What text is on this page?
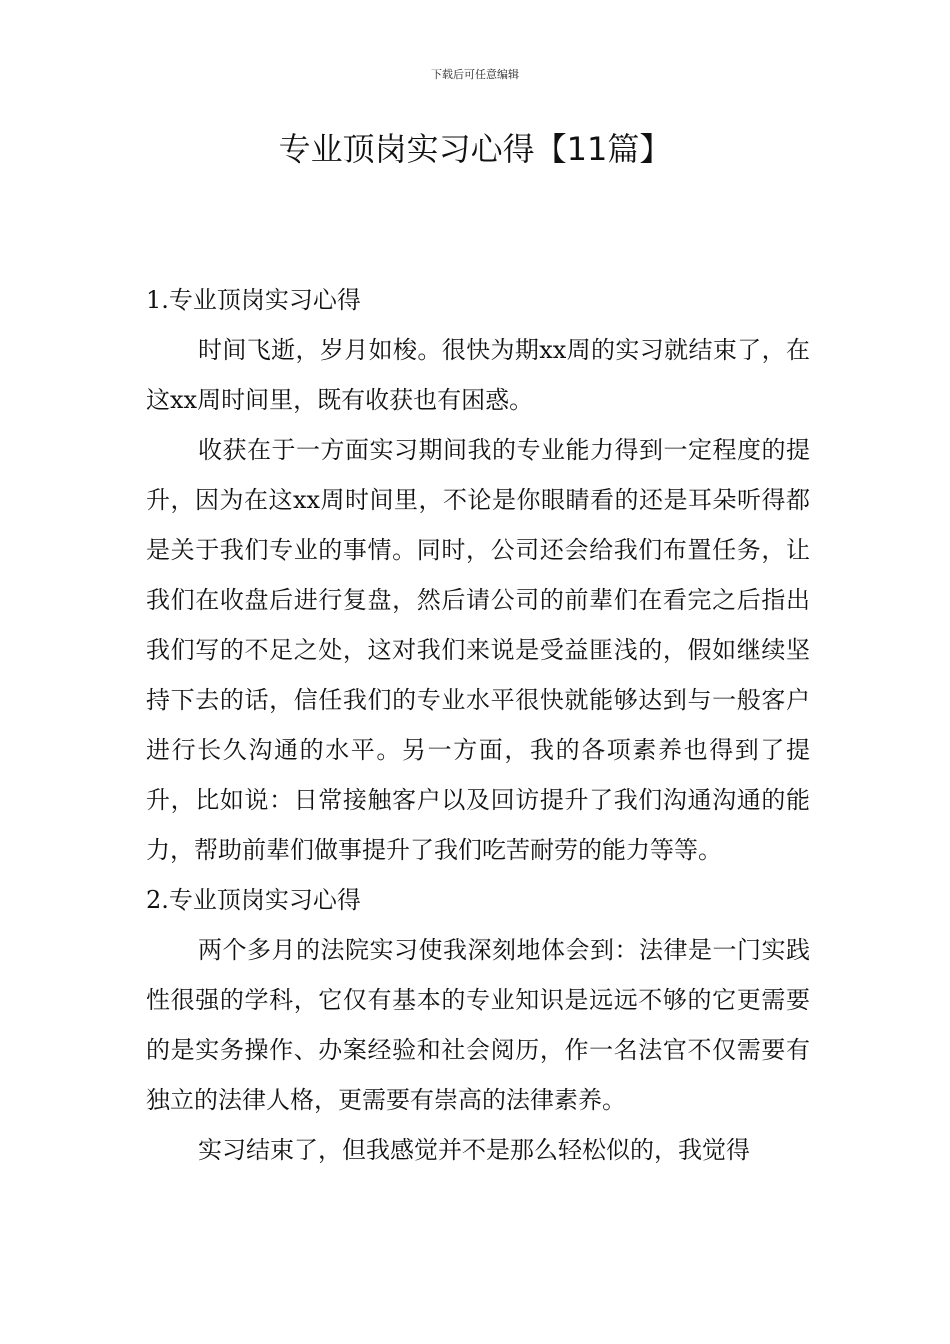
下载后可任意编辑
专业顶岗实习心得【11篇】

1.专业顶岗实习心得

时间飞逝，岁月如梭。很快为期xx周的实习就结束了，在这xx周时间里，既有收获也有困惑。

收获在于一方面实习期间我的专业能力得到一定程度的提升，因为在这xx周时间里，不论是你眼睛看的还是耳朵听得都是关于我们专业的事情。同时，公司还会给我们布置任务，让我们在收盘后进行复盘，然后请公司的前辈们在看完之后指出我们写的不足之处，这对我们来说是受益匪浅的，假如继续坚持下去的话，信任我们的专业水平很快就能够达到与一般客户进行长久沟通的水平。另一方面，我的各项素养也得到了提升，比如说：日常接触客户以及回访提升了我们沟通沟通的能力，帮助前辈们做事提升了我们吃苦耐劳的能力等等。

2.专业顶岗实习心得

两个多月的法院实习使我深刻地体会到：法律是一门实践性很强的学科，它仅有基本的专业知识是远远不够的它更需要的是实务操作、办案经验和社会阅历，作一名法官不仅需要有独立的法律人格，更需要有崇高的法律素养。

实习结束了，但我感觉并不是那么轻松似的，我觉得
